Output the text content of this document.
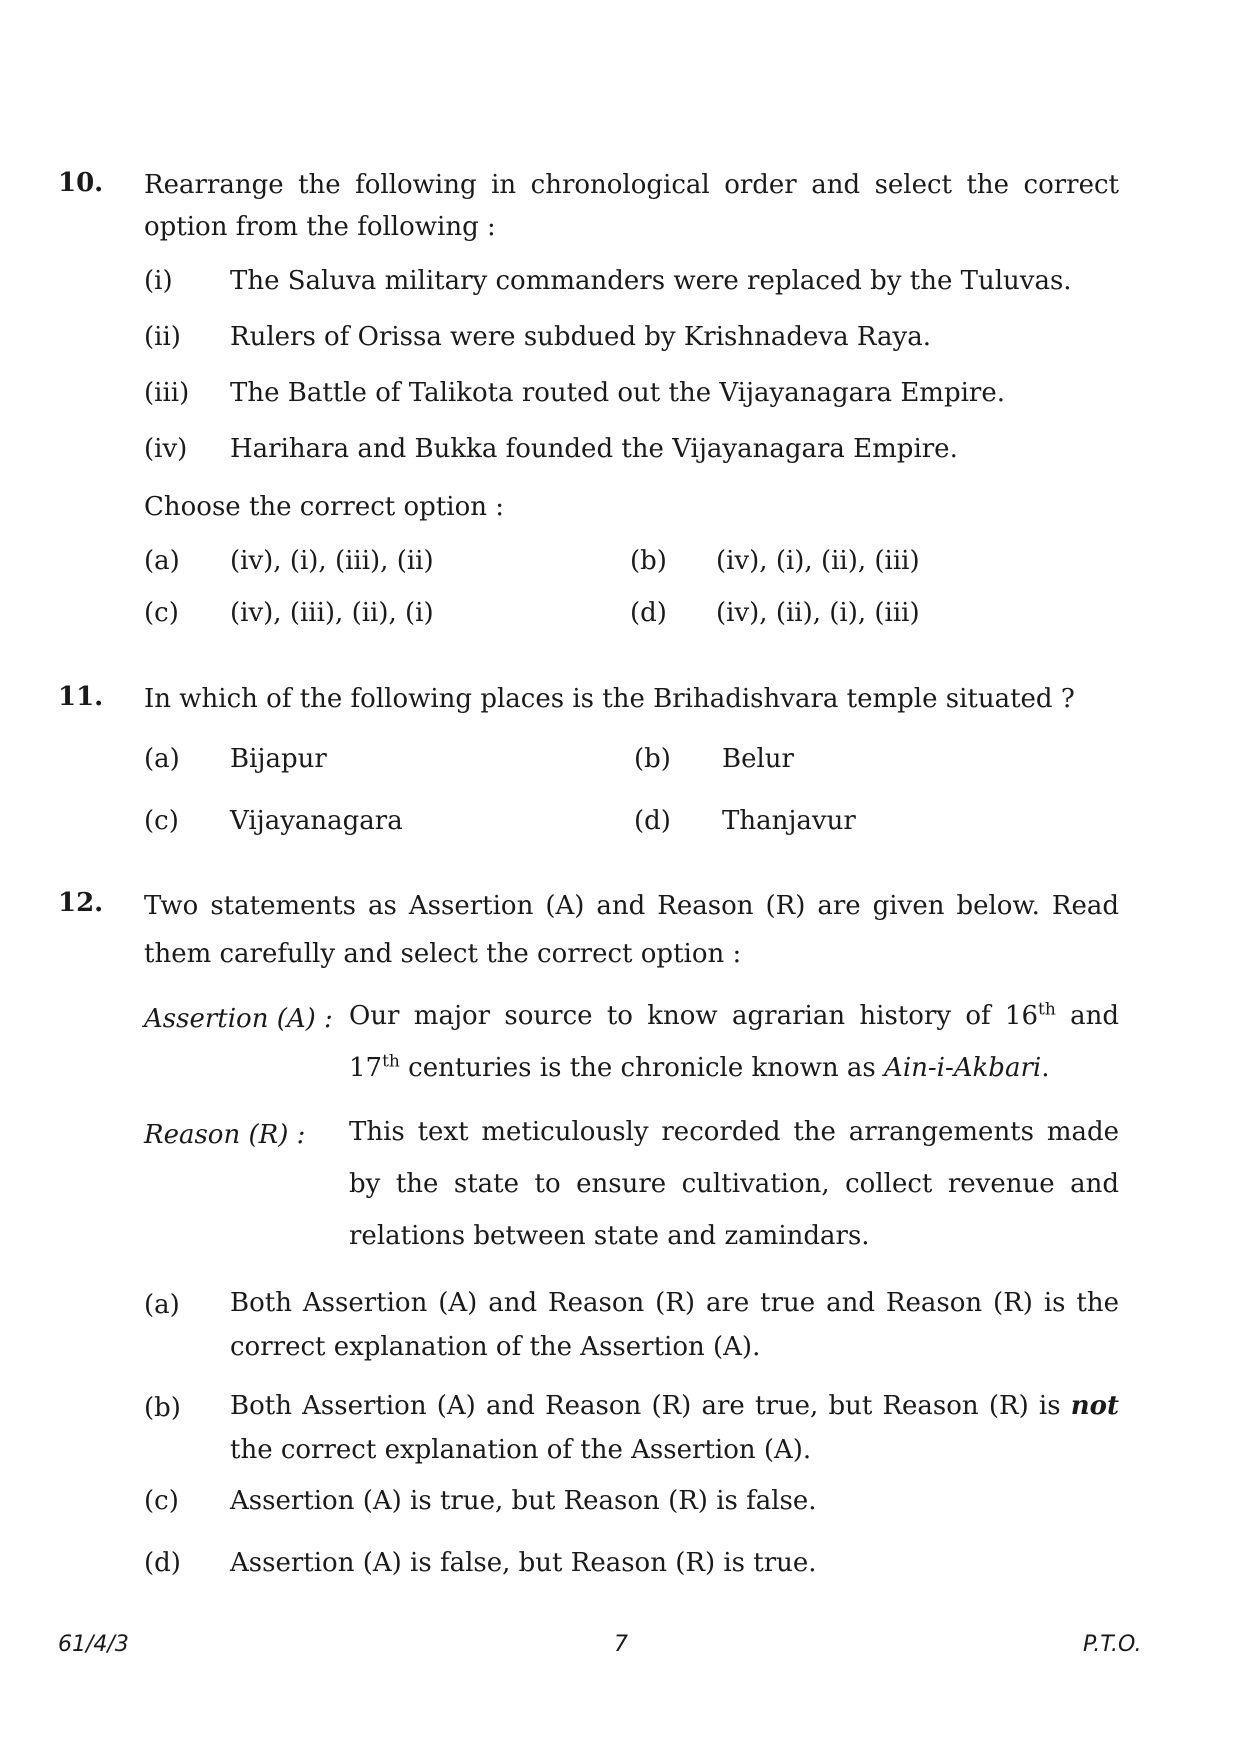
10. Rearrange the following in chronological order and select the correct option from the following :
(i) The Saluva military commanders were replaced by the Tuluvas.
(ii) Rulers of Orissa were subdued by Krishnadeva Raya.
(iii) The Battle of Talikota routed out the Vijayanagara Empire.
(iv) Harihara and Bukka founded the Vijayanagara Empire.
Choose the correct option :
(a) (iv), (i), (iii), (ii)	(b) (iv), (i), (ii), (iii)
(c) (iv), (iii), (ii), (i)	(d) (iv), (ii), (i), (iii)
11. In which of the following places is the Brihadishvara temple situated ?
(a) Bijapur	(b) Belur
(c) Vijayanagara	(d) Thanjavur
12. Two statements as Assertion (A) and Reason (R) are given below. Read them carefully and select the correct option :
Assertion (A) : Our major source to know agrarian history of 16th and 17th centuries is the chronicle known as Ain-i-Akbari.
Reason (R) : This text meticulously recorded the arrangements made by the state to ensure cultivation, collect revenue and relations between state and zamindars.
(a) Both Assertion (A) and Reason (R) are true and Reason (R) is the correct explanation of the Assertion (A).
(b) Both Assertion (A) and Reason (R) are true, but Reason (R) is not the correct explanation of the Assertion (A).
(c) Assertion (A) is true, but Reason (R) is false.
(d) Assertion (A) is false, but Reason (R) is true.
61/4/3	7	P.T.O.
